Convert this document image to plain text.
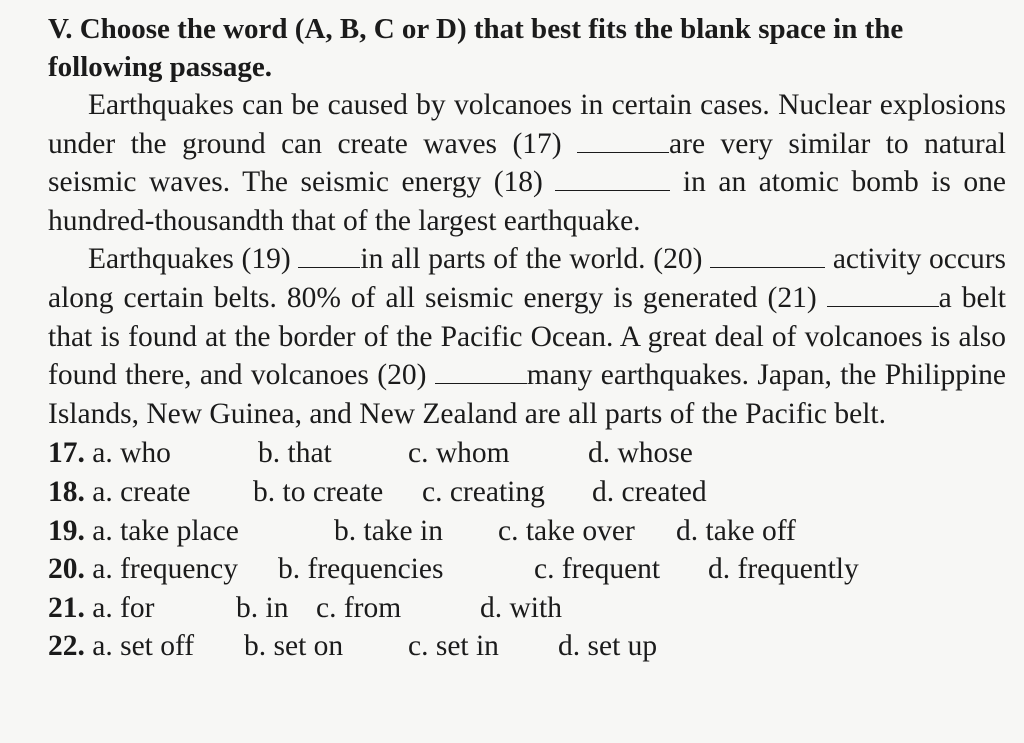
V. Choose the word (A, B, C or D) that best fits the blank space in the following passage.

Earthquakes can be caused by volcanoes in certain cases. Nuclear explosions under the ground can create waves (17)	are very similar to natural seismic waves. The seismic energy (18)	in an atomic bomb is one hundred-thousandth that of the largest earthquake.

Earthquakes (19) in all parts of the world. (20)	activity occurs along certain belts. 80% of all seismic energy is generated (21)	a belt that is found at the border of the Pacific Ocean. A great deal of volcanoes is also found there, and volcanoes (20)	many earthquakes. Japan, the Philippine Islands, New Guinea, and New Zealand are all parts of the Pacific belt.

17. a. who	b. that	c. whom	d. whose
18. a. create b. to create c. creating d. created
19. a. take place	b. take in c. take over d. take off
20. a. frequency b. frequencies	c. frequent d. frequently
21. a. for	b. in c. from	d. with
22. a. set off b. set on c. set in d. set up
